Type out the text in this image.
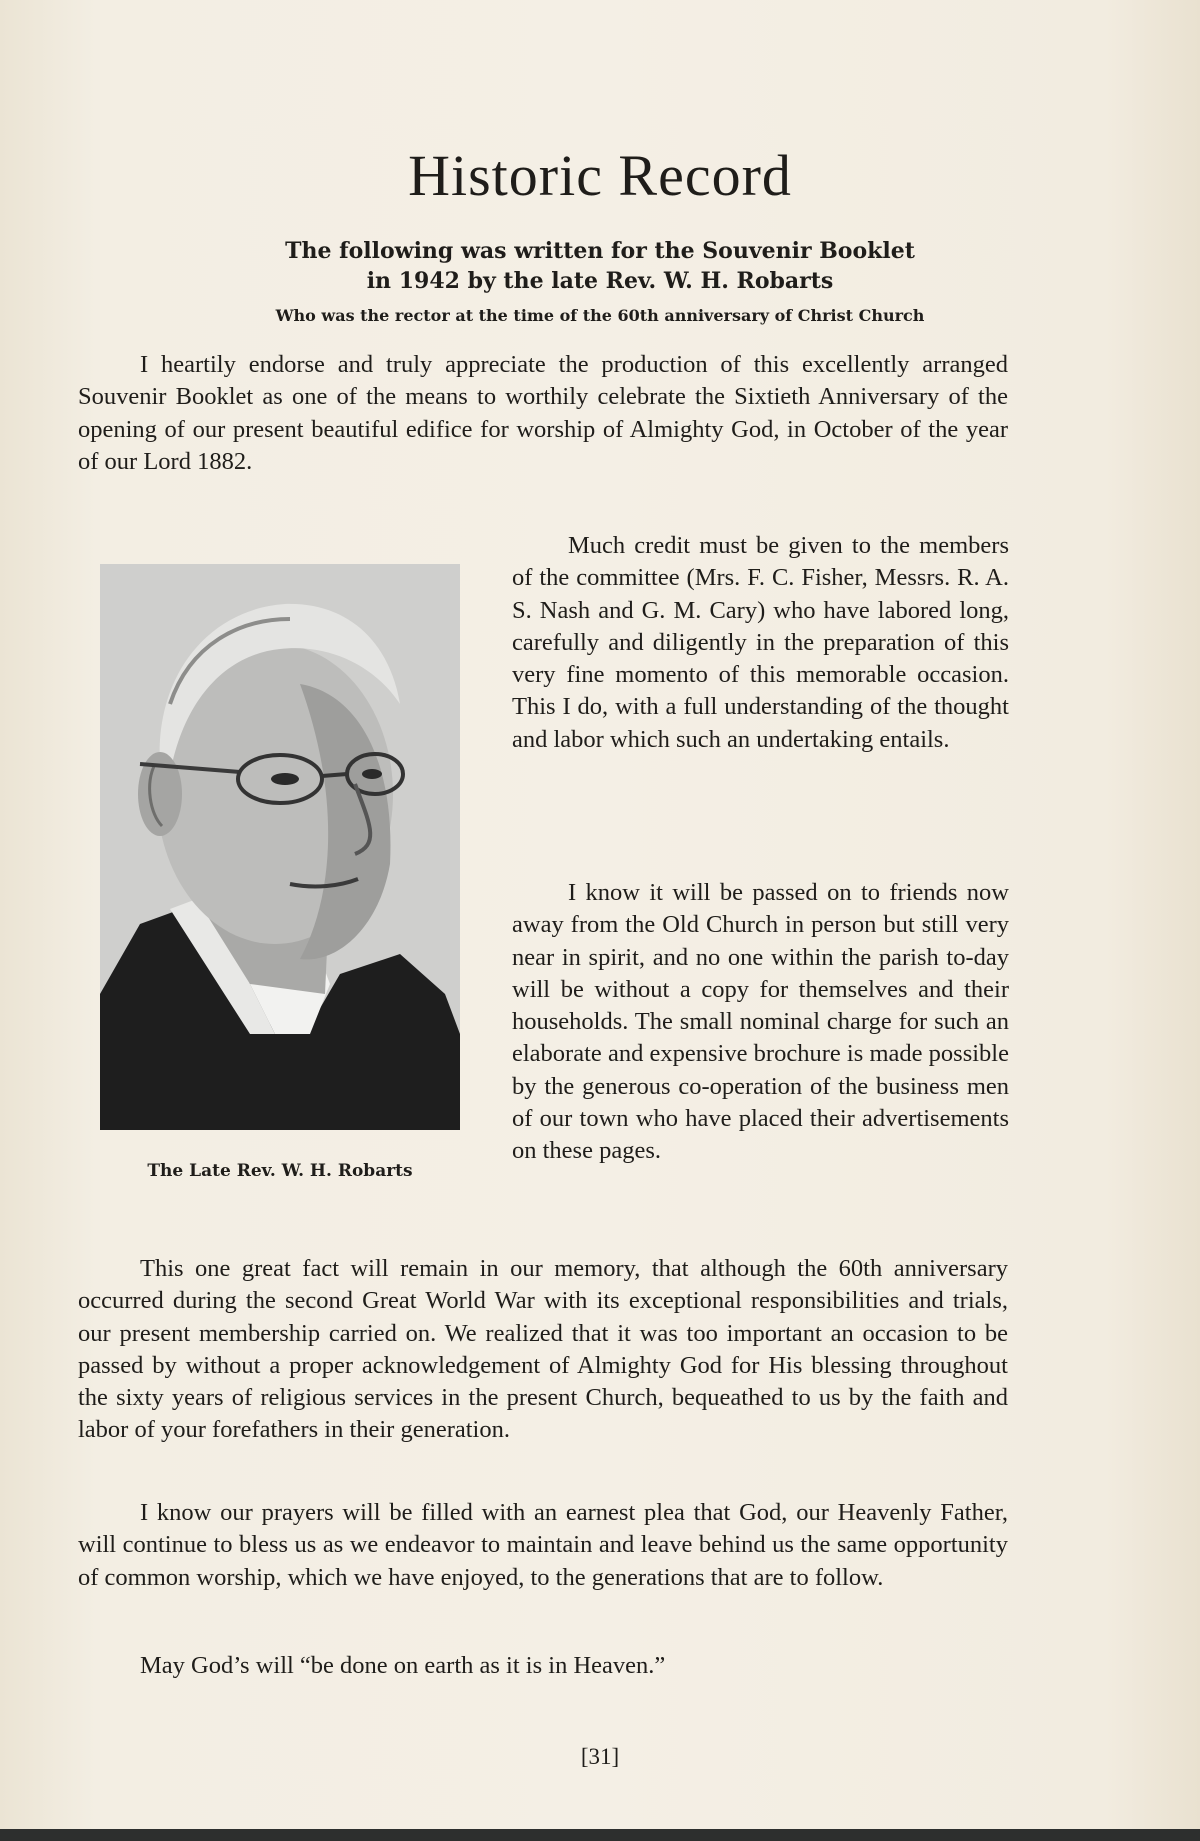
Historic Record
The following was written for the Souvenir Booklet
in 1942 by the late Rev. W. H. Robarts
Who was the rector at the time of the 60th anniversary of Christ Church

I heartily endorse and truly appreciate the production of this excellently arranged Souvenir Booklet as one of the means to worthily celebrate the Sixtieth Anniversary of the opening of our present beautiful edifice for worship of Almighty God, in October of the year of our Lord 1882.

The Late Rev. W. H. Robarts

Much credit must be given to the members of the committee (Mrs. F. C. Fisher, Messrs. R. A. S. Nash and G. M. Cary) who have labored long, carefully and diligently in the preparation of this very fine momento of this memorable occasion. This I do, with a full understanding of the thought and labor which such an undertaking entails.

I know it will be passed on to friends now away from the Old Church in person but still very near in spirit, and no one within the parish to-day will be without a copy for themselves and their households. The small nominal charge for such an elaborate and expensive brochure is made possible by the generous co-operation of the business men of our town who have placed their advertisements on these pages.

This one great fact will remain in our memory, that although the 60th anniversary occurred during the second Great World War with its exceptional responsibilities and trials, our present membership carried on. We realized that it was too important an occasion to be passed by without a proper acknowledgement of Almighty God for His blessing throughout the sixty years of religious services in the present Church, bequeathed to us by the faith and labor of your forefathers in their generation.

I know our prayers will be filled with an earnest plea that God, our Heavenly Father, will continue to bless us as we endeavor to maintain and leave behind us the same opportunity of common worship, which we have enjoyed, to the generations that are to follow.

May God’s will “be done on earth as it is in Heaven.”

[31]
